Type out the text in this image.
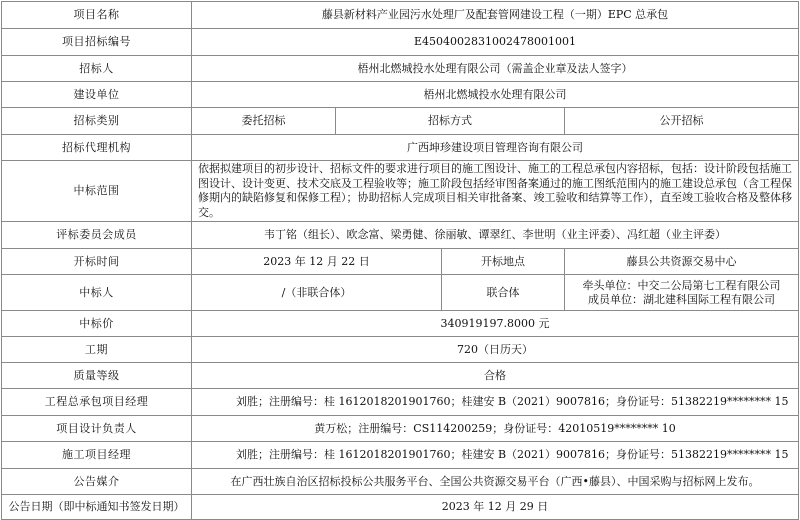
项目名称	藤县新材料产业园污水处理厂及配套管网建设工程（一期）EPC 总承包			
项目招标编号	E4504002831002478001001			
招标人	梧州北燃城投水处理有限公司（需盖企业章及法人签字）			
建设单位	梧州北燃城投水处理有限公司			
招标类别	委托招标	招标方式		公开招标
招标代理机构	广西坤珍建设项目管理咨询有限公司			
中标范围	依据拟建项目的初步设计、招标文件的要求进行项目的施工图设计、施工的工程总承包内容招标，包括：设计阶段包括施工图设计、设计变更、技术交底及工程验收等；施工阶段包括经审图备案通过的施工图纸范围内的施工建设总承包（含工程保修期内的缺陷修复和保修工程）；协助招标人完成项目相关审批备案、竣工验收和结算等工作），直至竣工验收合格及整体移交。			
评标委员会成员	韦丁铭（组长）、欧念富、梁勇健、徐丽敏、谭翠红、李世明（业主评委）、冯红超（业主评委）			
开标时间	2023 年 12 月 22 日		开标地点	藤县公共资源交易中心
中标人	/（非联合体）		联合体	牵头单位：中交二公局第七工程有限公司
成员单位：湖北建科国际工程有限公司

中标价	340919197.8000 元			
工期	720（日历天）			
质量等级	合格			
工程总承包项目经理	刘胜；注册编号：桂 1612018201901760；桂建安 B（2021）9007816；身份证号：51382219******** 15			
项目设计负责人	黄万松；注册编号：CS114200259；身份证号：42010519******** 10			
施工项目经理	刘胜；注册编号：桂 1612018201901760；桂建安 B（2021）9007816；身份证号：51382219******** 15			
公告媒介	在广西壮族自治区招标投标公共服务平台、全国公共资源交易平台（广西•藤县）、中国采购与招标网上发布。			
公告日期（即中标通知书签发日期）	2023 年 12 月 29 日			
